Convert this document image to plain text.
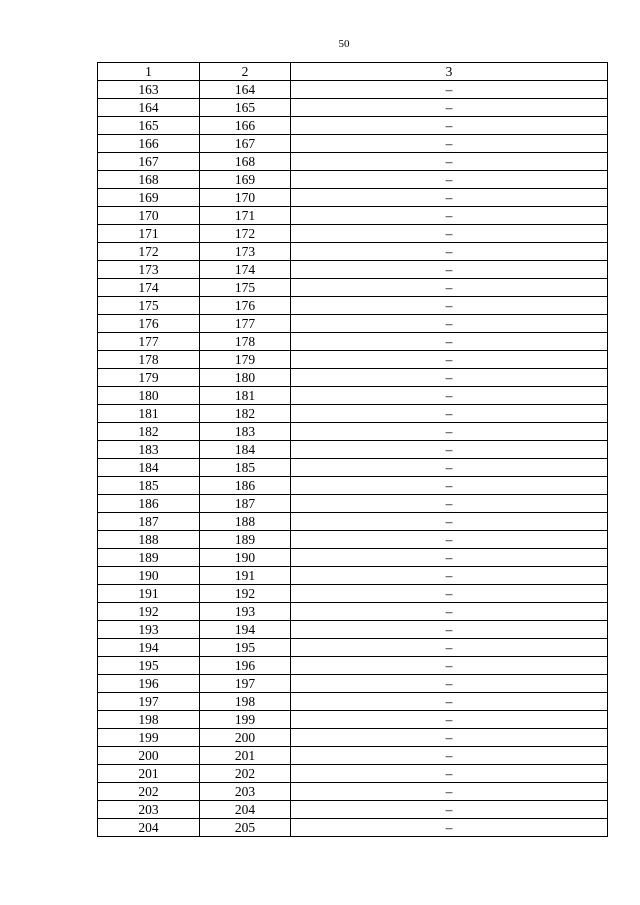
50
1	2	3
163	164	–
164	165	–
165	166	–
166	167	–
167	168	–
168	169	–
169	170	–
170	171	–
171	172	–
172	173	–
173	174	–
174	175	–
175	176	–
176	177	–
177	178	–
178	179	–
179	180	–
180	181	–
181	182	–
182	183	–
183	184	–
184	185	–
185	186	–
186	187	–
187	188	–
188	189	–
189	190	–
190	191	–
191	192	–
192	193	–
193	194	–
194	195	–
195	196	–
196	197	–
197	198	–
198	199	–
199	200	–
200	201	–
201	202	–
202	203	–
203	204	–
204	205	–
